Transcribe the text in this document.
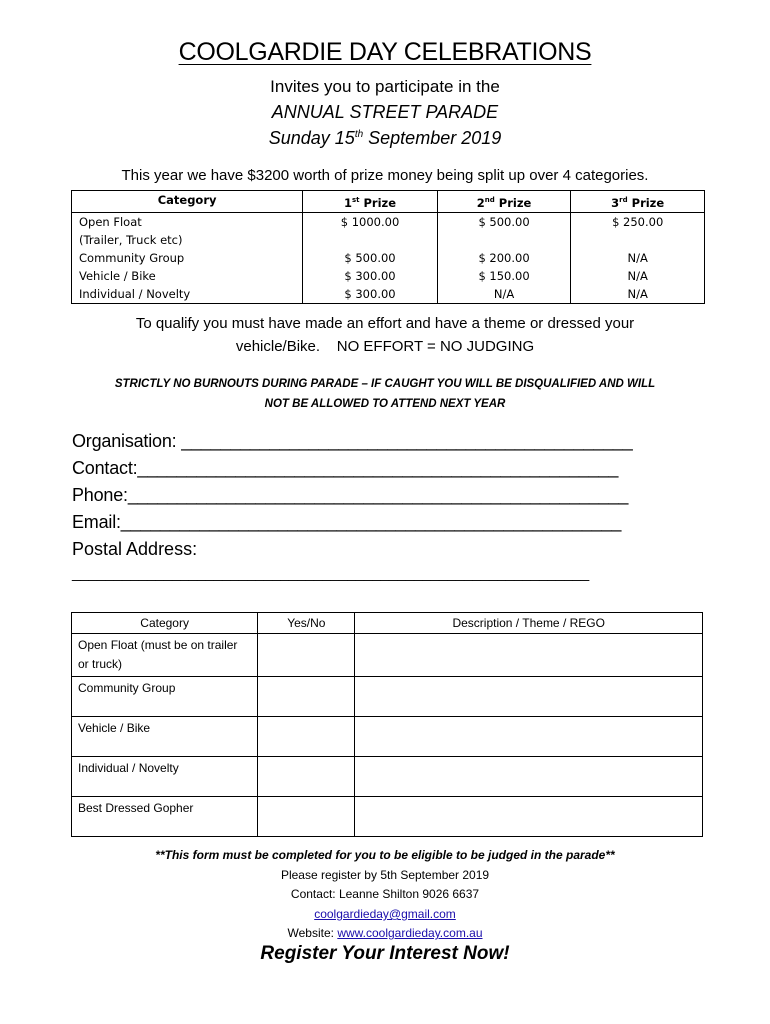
COOLGARDIE DAY CELEBRATIONS
Invites you to participate in the
ANNUAL STREET PARADE
Sunday 15th September 2019
This year we have $3200 worth of prize money being split up over 4 categories.
Category	1st Prize	2nd Prize	3rd Prize
Open Float	$ 1000.00	$ 500.00	$ 250.00
(Trailer, Truck etc)			
Community Group	$ 500.00	$ 200.00	N/A
Vehicle / Bike	$ 300.00	$ 150.00	N/A
Individual / Novelty	$ 300.00	N/A	N/A
To qualify you must have made an effort and have a theme or dressed your
vehicle/Bike.    NO EFFORT = NO JUDGING
STRICTLY NO BURNOUTS DURING PARADE – IF CAUGHT YOU WILL BE DISQUALIFIED AND WILL
NOT BE ALLOWED TO ATTEND NEXT YEAR
Organisation: ______________________________________________
Contact:_________________________________________________
Phone:___________________________________________________
Email:___________________________________________________
Postal Address:
______________________________________________________________
Category	Yes/No	Description / Theme / REGO
Open Float (must be on trailer or truck)		
Community Group		
Vehicle / Bike		
Individual / Novelty		
Best Dressed Gopher		
**This form must be completed for you to be eligible to be judged in the parade**
Please register by 5th September 2019
Contact: Leanne Shilton 9026 6637
coolgardieday@gmail.com
Website: www.coolgardieday.com.au
Register Your Interest Now!
